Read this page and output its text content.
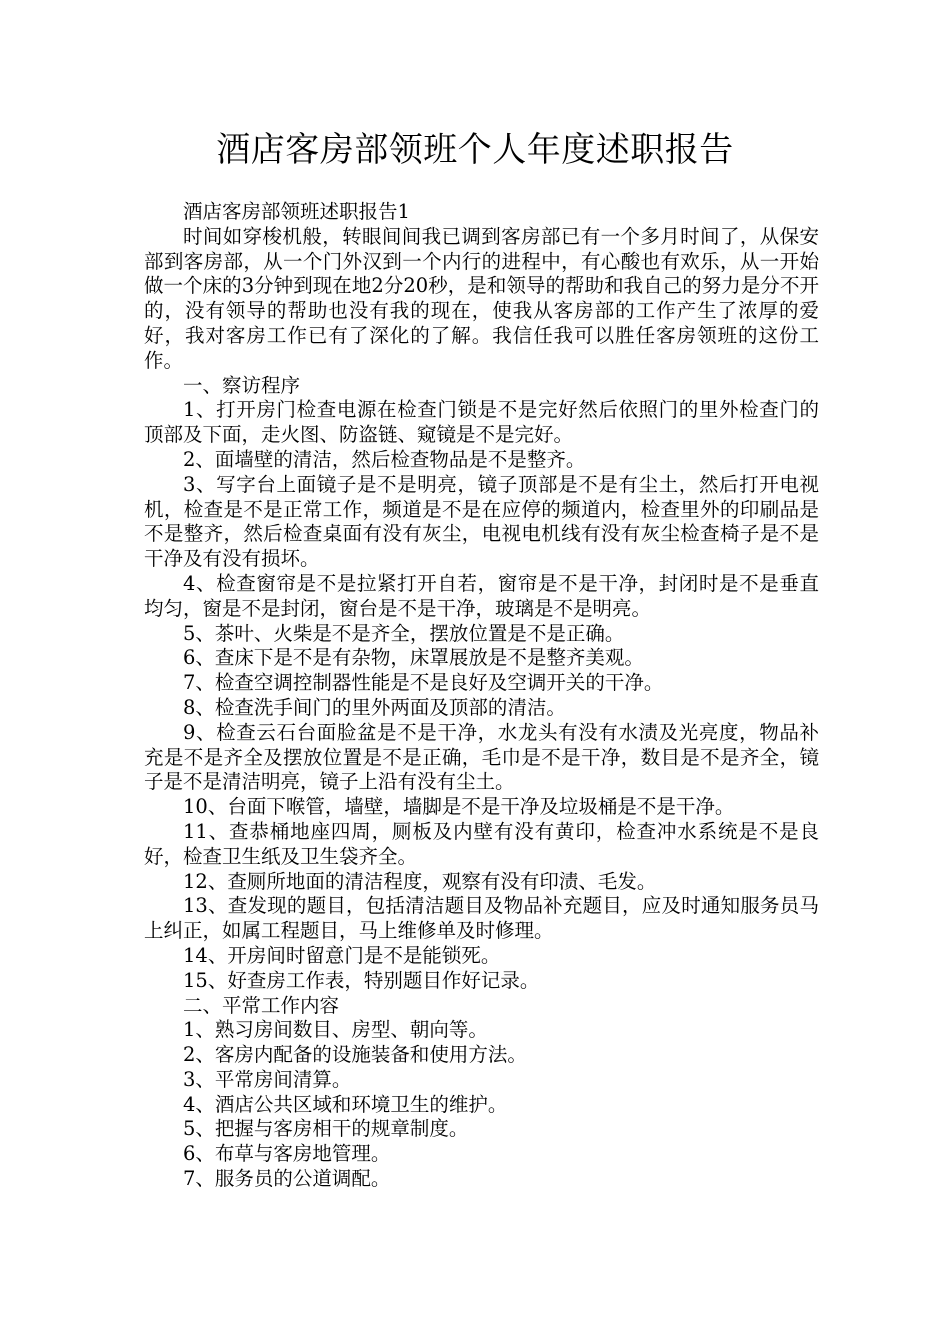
酒店客房部领班个人年度述职报告

酒店客房部领班述职报告1

时间如穿梭机般，转眼间间我已调到客房部已有一个多月时间了，从保安部到客房部，从一个门外汉到一个内行的进程中，有心酸也有欢乐，从一开始做一个床的3分钟到现在地2分20秒，是和领导的帮助和我自己的努力是分不开的，没有领导的帮助也没有我的现在，使我从客房部的工作产生了浓厚的爱好，我对客房工作已有了深化的了解。我信任我可以胜任客房领班的这份工作。

一、察访程序

1、打开房门检查电源在检查门锁是不是完好然后依照门的里外检查门的顶部及下面，走火图、防盗链、窥镜是不是完好。

2、面墙壁的清洁，然后检查物品是不是整齐。

3、写字台上面镜子是不是明亮，镜子顶部是不是有尘土，然后打开电视机，检查是不是正常工作，频道是不是在应停的频道内，检查里外的印刷品是不是整齐，然后检查桌面有没有灰尘，电视电机线有没有灰尘检查椅子是不是干净及有没有损坏。

4、检查窗帘是不是拉紧打开自若，窗帘是不是干净，封闭时是不是垂直均匀，窗是不是封闭，窗台是不是干净，玻璃是不是明亮。

5、茶叶、火柴是不是齐全，摆放位置是不是正确。

6、查床下是不是有杂物，床罩展放是不是整齐美观。

7、检查空调控制器性能是不是良好及空调开关的干净。

8、检查洗手间门的里外两面及顶部的清洁。

9、检查云石台面脸盆是不是干净，水龙头有没有水渍及光亮度，物品补充是不是齐全及摆放位置是不是正确，毛巾是不是干净，数目是不是齐全，镜子是不是清洁明亮，镜子上沿有没有尘土。

10、台面下喉管，墙壁，墙脚是不是干净及垃圾桶是不是干净。

11、查恭桶地座四周，厕板及内壁有没有黄印，检查冲水系统是不是良好，检查卫生纸及卫生袋齐全。

12、查厕所地面的清洁程度，观察有没有印渍、毛发。

13、查发现的题目，包括清洁题目及物品补充题目，应及时通知服务员马上纠正，如属工程题目，马上维修单及时修理。

14、开房间时留意门是不是能锁死。

15、好查房工作表，特别题目作好记录。

二、平常工作内容

1、熟习房间数目、房型、朝向等。

2、客房内配备的设施装备和使用方法。

3、平常房间清算。

4、酒店公共区域和环境卫生的维护。

5、把握与客房相干的规章制度。

6、布草与客房地管理。

7、服务员的公道调配。
